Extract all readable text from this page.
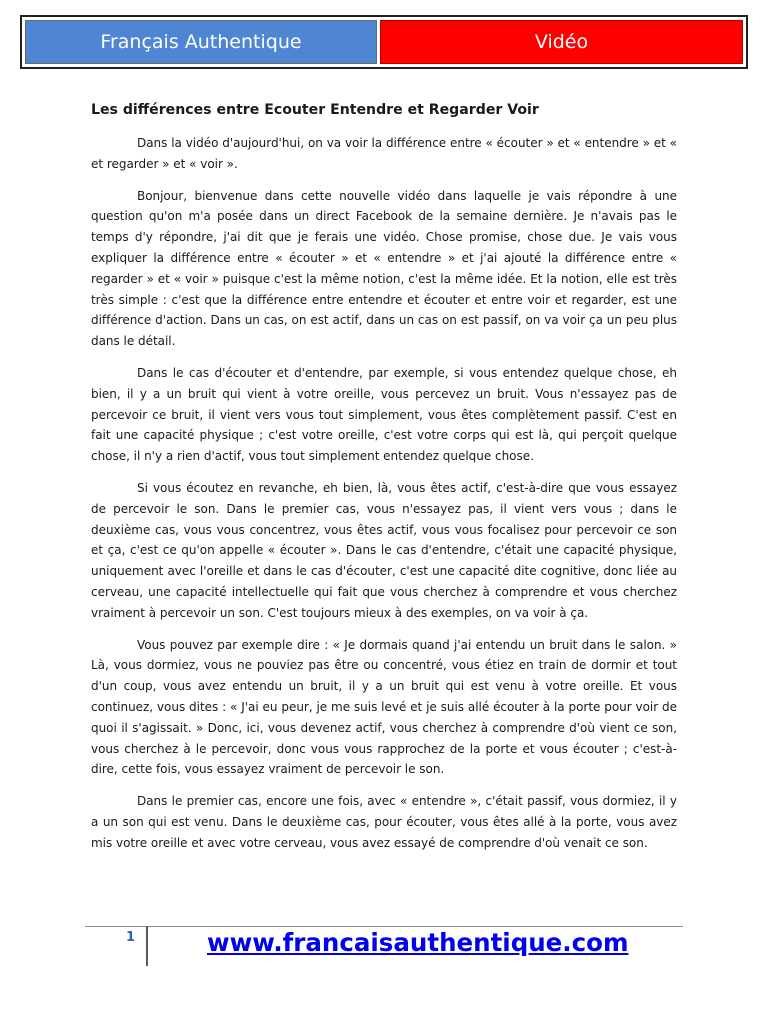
Français Authentique	Vidéo
Les différences entre Ecouter Entendre et Regarder Voir

Dans la vidéo d'aujourd'hui, on va voir la différence entre « écouter » et « entendre » et « et regarder » et « voir ».

Bonjour, bienvenue dans cette nouvelle vidéo dans laquelle je vais répondre à une question qu'on m'a posée dans un direct Facebook de la semaine dernière. Je n'avais pas le temps d'y répondre, j'ai dit que je ferais une vidéo. Chose promise, chose due. Je vais vous expliquer la différence entre « écouter » et « entendre » et j'ai ajouté la différence entre « regarder » et « voir » puisque c'est la même notion, c'est la même idée. Et la notion, elle est très très simple : c'est que la différence entre entendre et écouter et entre voir et regarder, est une différence d'action. Dans un cas, on est actif, dans un cas on est passif, on va voir ça un peu plus dans le détail.

Dans le cas d'écouter et d'entendre, par exemple, si vous entendez quelque chose, eh bien, il y a un bruit qui vient à votre oreille, vous percevez un bruit. Vous n'essayez pas de percevoir ce bruit, il vient vers vous tout simplement, vous êtes complètement passif. C'est en fait une capacité physique ; c'est votre oreille, c'est votre corps qui est là, qui perçoit quelque chose, il n'y a rien d'actif, vous tout simplement entendez quelque chose.

Si vous écoutez en revanche, eh bien, là, vous êtes actif, c'est-à-dire que vous essayez de percevoir le son. Dans le premier cas, vous n'essayez pas, il vient vers vous ; dans le deuxième cas, vous vous concentrez, vous êtes actif, vous vous focalisez pour percevoir ce son et ça, c'est ce qu'on appelle « écouter ». Dans le cas d'entendre, c'était une capacité physique, uniquement avec l'oreille et dans le cas d'écouter, c'est une capacité dite cognitive, donc liée au cerveau, une capacité intellectuelle qui fait que vous cherchez à comprendre et vous cherchez vraiment à percevoir un son. C'est toujours mieux à des exemples, on va voir à ça.

Vous pouvez par exemple dire : « Je dormais quand j'ai entendu un bruit dans le salon. » Là, vous dormiez, vous ne pouviez pas être ou concentré, vous étiez en train de dormir et tout d'un coup, vous avez entendu un bruit, il y a un bruit qui est venu à votre oreille. Et vous continuez, vous dites : « J'ai eu peur, je me suis levé et je suis allé écouter à la porte pour voir de quoi il s'agissait. » Donc, ici, vous devenez actif, vous cherchez à comprendre d'où vient ce son, vous cherchez à le percevoir, donc vous vous rapprochez de la porte et vous écouter ; c'est-à-dire, cette fois, vous essayez vraiment de percevoir le son.

Dans le premier cas, encore une fois, avec « entendre », c'était passif, vous dormiez, il y a un son qui est venu. Dans le deuxième cas, pour écouter, vous êtes allé à la porte, vous avez mis votre oreille et avec votre cerveau, vous avez essayé de comprendre d'où venait ce son.

1	www.francaisauthentique.com
